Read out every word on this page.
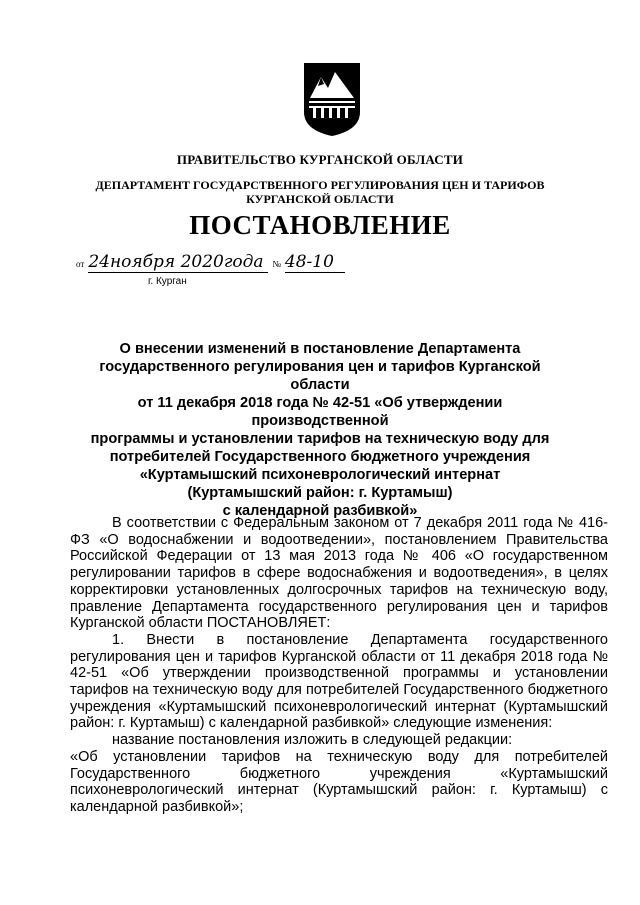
ПРАВИТЕЛЬСТВО КУРГАНСКОЙ ОБЛАСТИ
ДЕПАРТАМЕНТ ГОСУДАРСТВЕННОГО РЕГУЛИРОВАНИЯ ЦЕН И ТАРИФОВ КУРГАНСКОЙ ОБЛАСТИ
ПОСТАНОВЛЕНИЕ
от 24ноября 2020года № 48-10
г. Курган
О внесении изменений в постановление Департамента
государственного регулирования цен и тарифов Курганской области
от 11 декабря 2018 года № 42-51 «Об утверждении производственной
программы и установлении тарифов на техническую воду для
потребителей Государственного бюджетного учреждения
«Куртамышский психоневрологический интернат
(Куртамышский район: г. Куртамыш)
с календарной разбивкой»

В соответствии с Федеральным законом от 7 декабря 2011 года № 416-ФЗ «О водоснабжении и водоотведении», постановлением Правительства Российской Федерации от 13 мая 2013 года № 406 «О государственном регулировании тарифов в сфере водоснабжения и водоотведения», в целях корректировки установленных долгосрочных тарифов на техническую воду, правление Департамента государственного регулирования цен и тарифов Курганской области ПОСТАНОВЛЯЕТ:

1. Внести в постановление Департамента государственного регулирования цен и тарифов Курганской области от 11 декабря 2018 года № 42-51 «Об утверждении производственной программы и установлении тарифов на техническую воду для потребителей Государственного бюджетного учреждения «Куртамышский психоневрологический интернат (Куртамышский район: г. Куртамыш) с календарной разбивкой» следующие изменения:

название постановления изложить в следующей редакции:

«Об установлении тарифов на техническую воду для потребителей Государственного бюджетного учреждения «Куртамышский психоневрологический интернат (Куртамышский район: г. Куртамыш) с календарной разбивкой»;
